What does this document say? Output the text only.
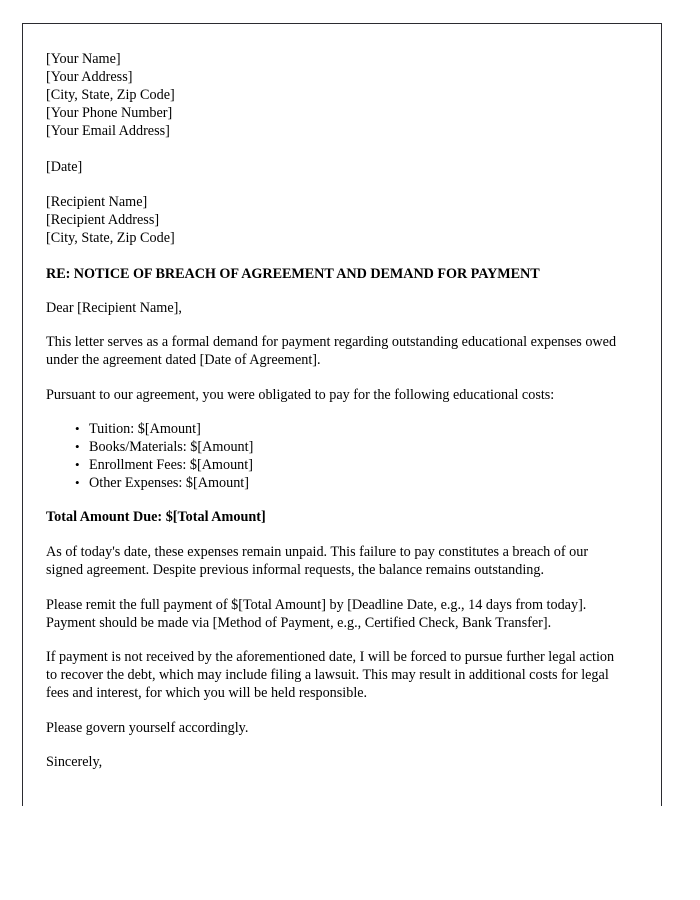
[Your Name]
[Your Address]
[City, State, Zip Code]
[Your Phone Number]
[Your Email Address]

[Date]

[Recipient Name]
[Recipient Address]
[City, State, Zip Code]

RE: NOTICE OF BREACH OF AGREEMENT AND DEMAND FOR PAYMENT

Dear [Recipient Name],

This letter serves as a formal demand for payment regarding outstanding educational expenses owed under the agreement dated [Date of Agreement].

Pursuant to our agreement, you were obligated to pay for the following educational costs:

• Tuition: $[Amount]
• Books/Materials: $[Amount]
• Enrollment Fees: $[Amount]
• Other Expenses: $[Amount]

Total Amount Due: $[Total Amount]

As of today's date, these expenses remain unpaid. This failure to pay constitutes a breach of our signed agreement. Despite previous informal requests, the balance remains outstanding.

Please remit the full payment of $[Total Amount] by [Deadline Date, e.g., 14 days from today]. Payment should be made via [Method of Payment, e.g., Certified Check, Bank Transfer].

If payment is not received by the aforementioned date, I will be forced to pursue further legal action to recover the debt, which may include filing a lawsuit. This may result in additional costs for legal fees and interest, for which you will be held responsible.

Please govern yourself accordingly.

Sincerely,
